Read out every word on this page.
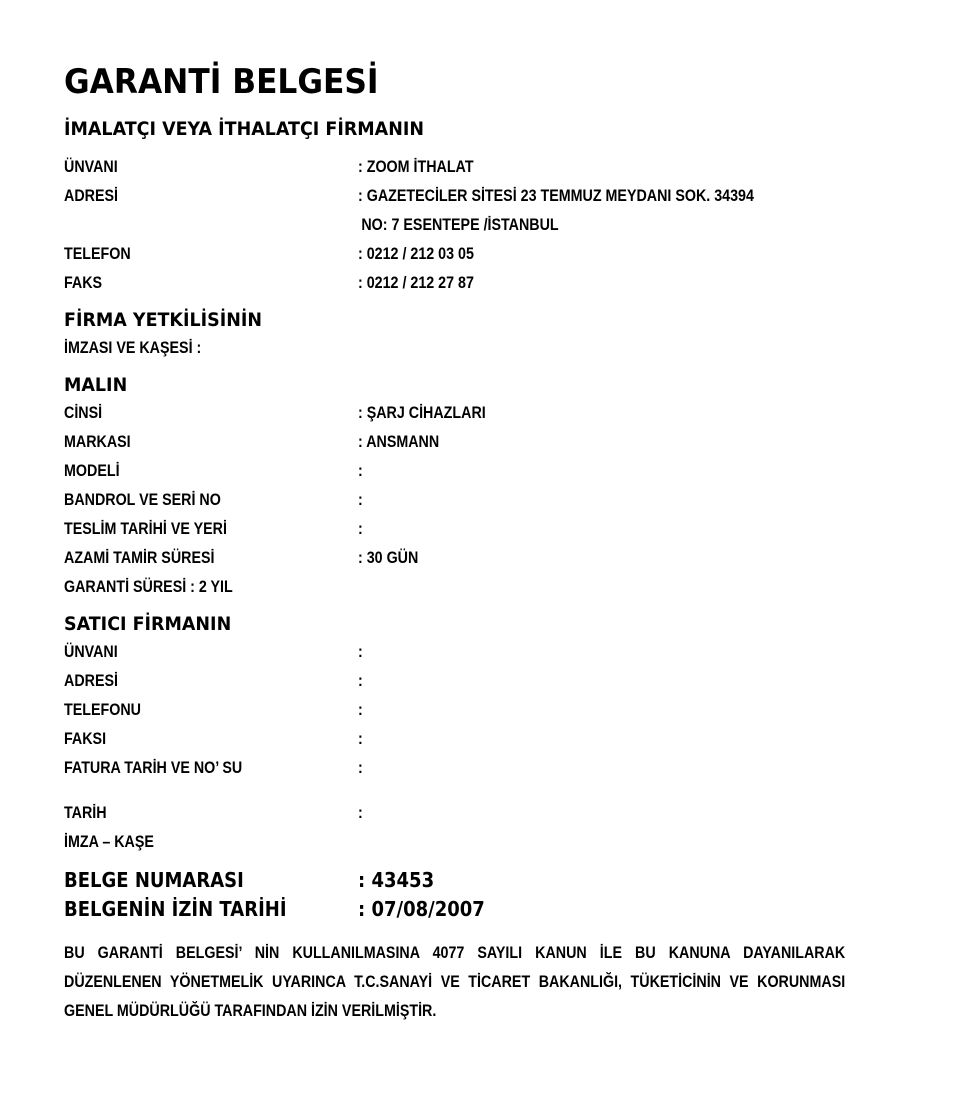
GARANTİ BELGESİ
İMALATÇI VEYA İTHALATÇI FİRMANIN
ÜNVANI	: ZOOM İTHALAT
ADRESİ	: GAZETECİLER SİTESİ 23 TEMMUZ MEYDANI SOK. 34394
NO: 7 ESENTEPE /İSTANBUL
TELEFON	: 0212 / 212 03 05
FAKS	: 0212 / 212 27 87
FİRMA YETKİLİSİNİN
İMZASI VE KAŞESİ :
MALIN
CİNSİ	: ŞARJ CİHAZLARI
MARKASI	: ANSMANN
MODELİ	:
BANDROL VE SERİ NO	:
TESLİM TARİHİ VE YERİ	:
AZAMİ TAMİR SÜRESİ	: 30 GÜN
GARANTİ SÜRESİ : 2 YIL
SATICI FİRMANIN
ÜNVANI	:
ADRESİ	:
TELEFONU	:
FAKSI	:
FATURA TARİH VE NO’ SU	:
TARİH	:
İMZA – KAŞE
BELGE NUMARASI	: 43453
BELGENİN İZİN TARİHİ	: 07/08/2007
BU GARANTİ BELGESİ’ NİN KULLANILMASINA 4077 SAYILI KANUN İLE BU KANUNA DAYANILARAK DÜZENLENEN YÖNETMELİK UYARINCA T.C.SANAYİ VE TİCARET BAKANLIĞI, TÜKETİCİNİN VE KORUNMASI GENEL MÜDÜRLÜĞÜ TARAFINDAN İZİN VERİLMİŞTİR.
